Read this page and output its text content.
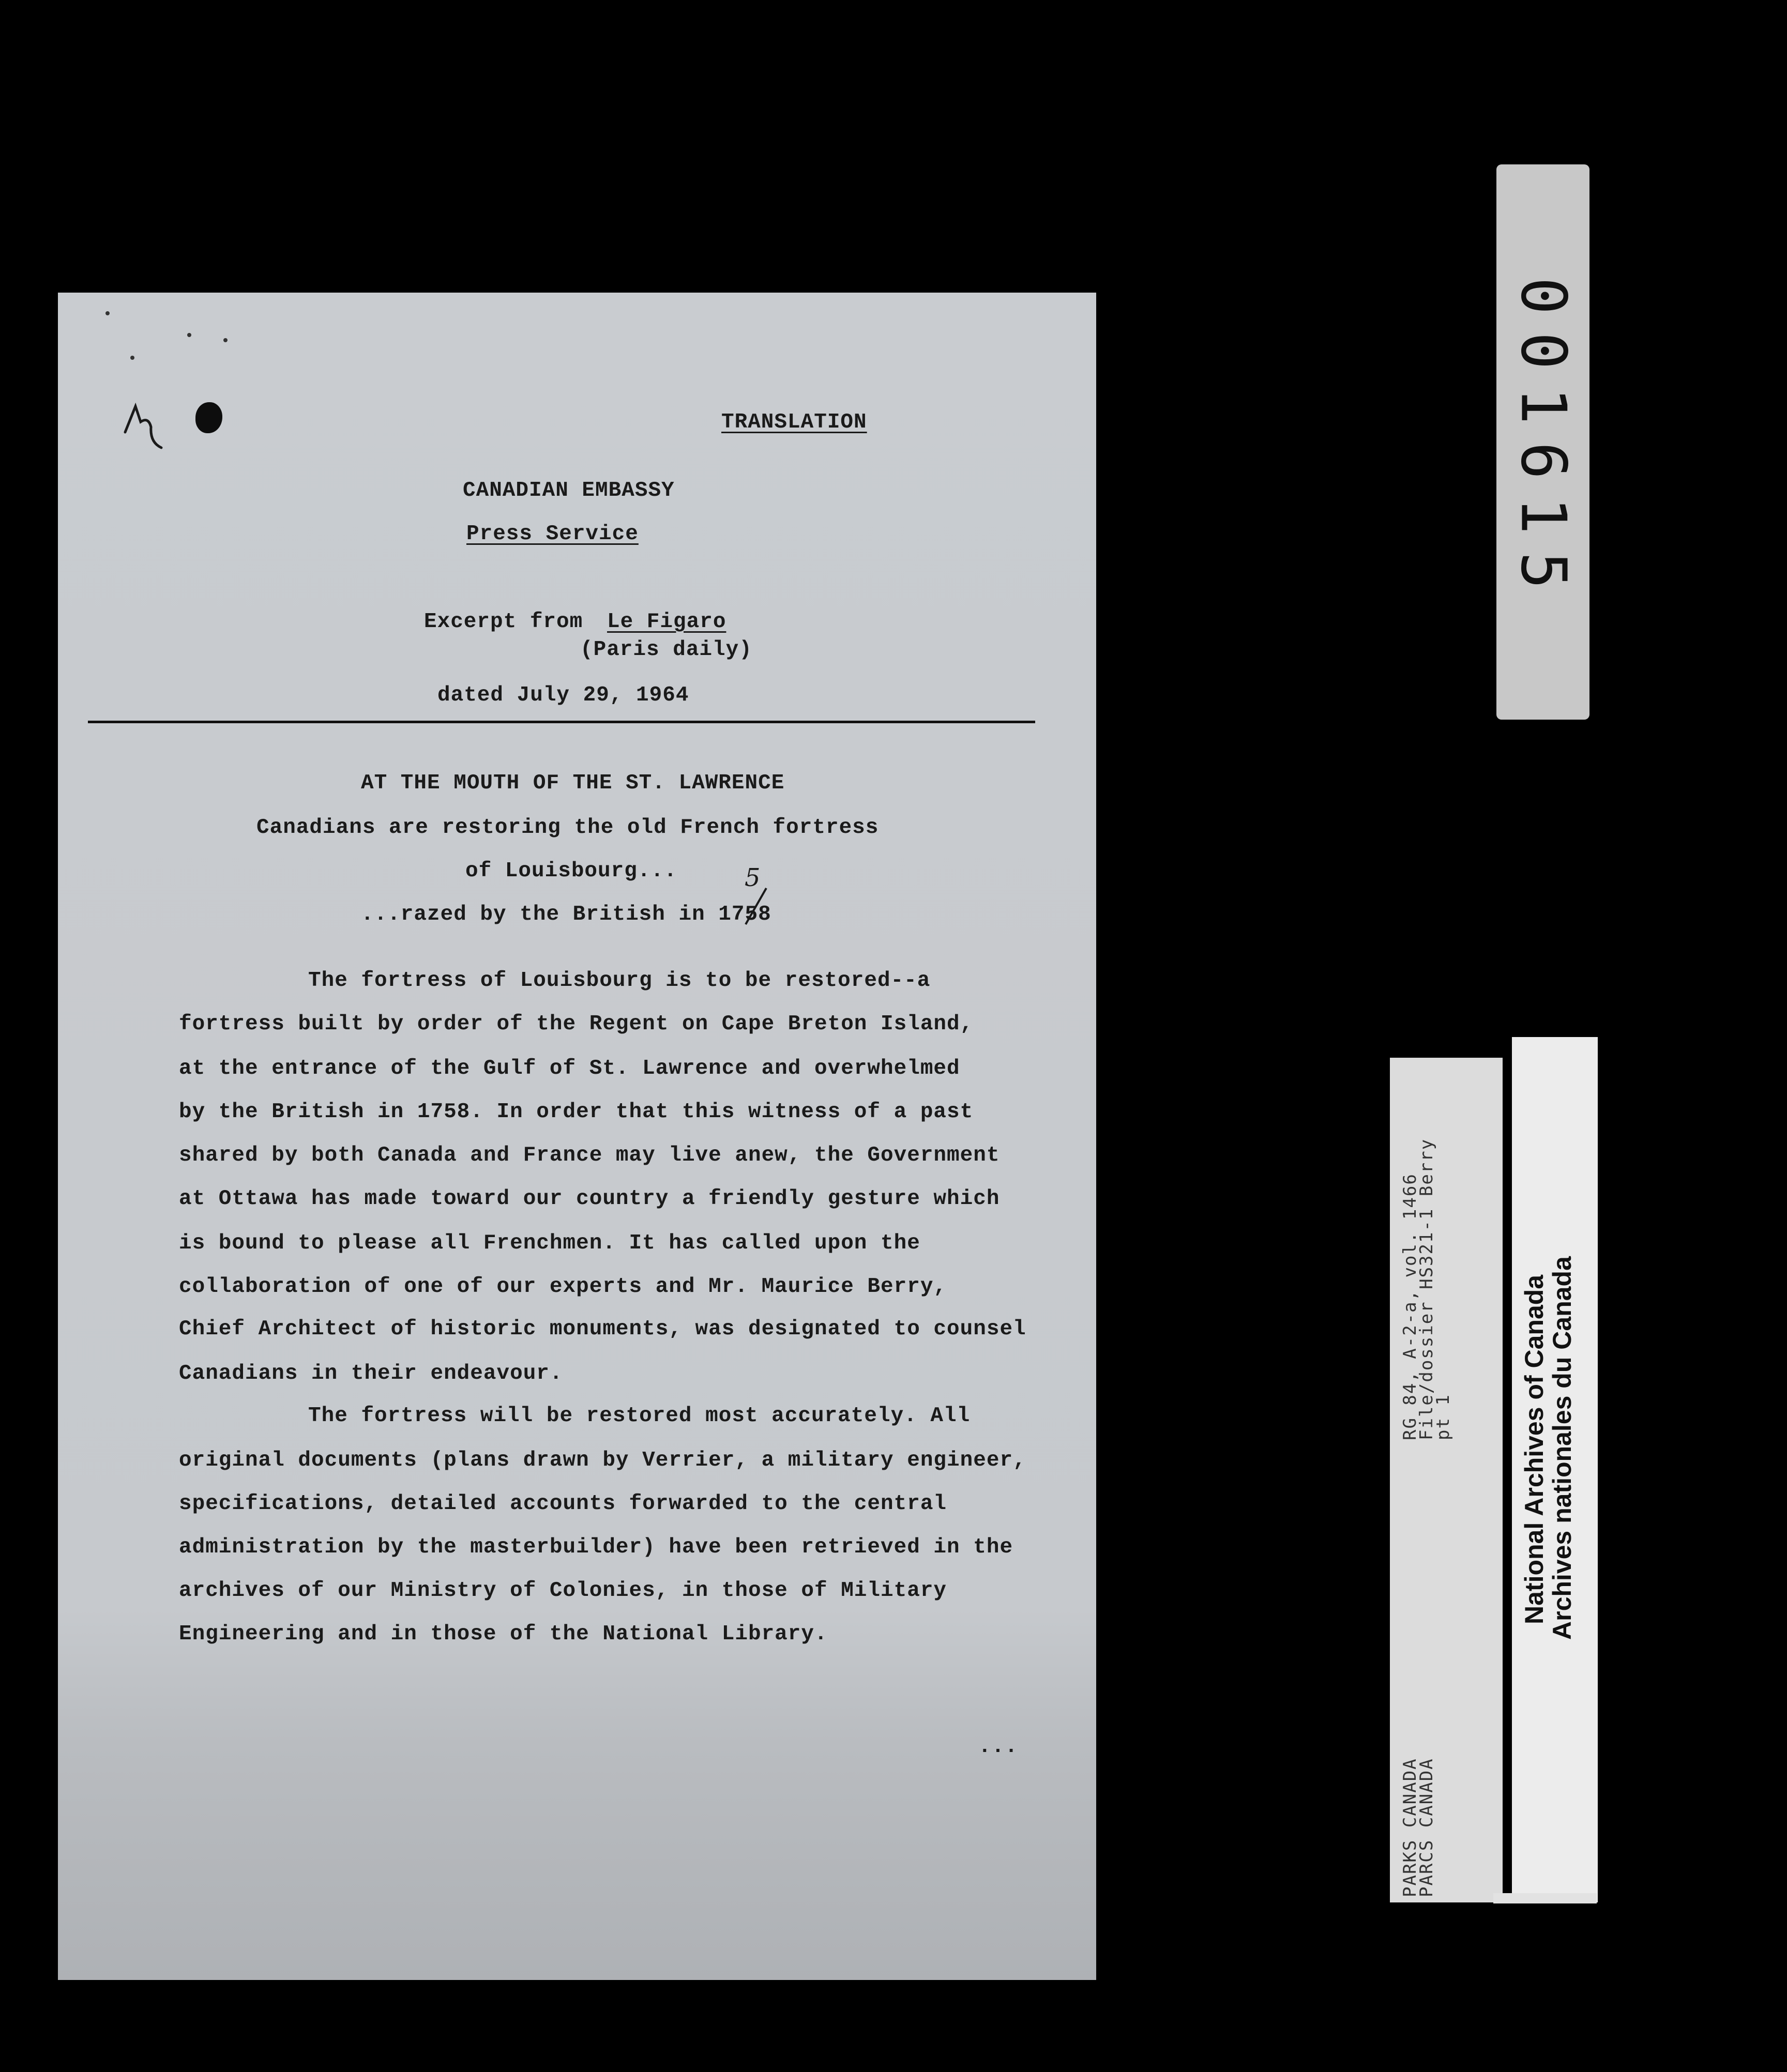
TRANSLATION
CANADIAN EMBASSY
Press Service
Excerpt from Le Figaro
(Paris daily)
dated July 29, 1964
AT THE MOUTH OF THE ST. LAWRENCE
Canadians are restoring the old French fortress
of Louisbourg...
...razed by the British in 1758
5
The fortress of Louisbourg is to be restored--a
fortress built by order of the Regent on Cape Breton Island,
at the entrance of the Gulf of St. Lawrence and overwhelmed
by the British in 1758. In order that this witness of a past
shared by both Canada and France may live anew, the Government
at Ottawa has made toward our country a friendly gesture which
is bound to please all Frenchmen. It has called upon the
collaboration of one of our experts and Mr. Maurice Berry,
Chief Architect of historic monuments, was designated to counsel
Canadians in their endeavour.
The fortress will be restored most accurately. All
original documents (plans drawn by Verrier, a military engineer,
specifications, detailed accounts forwarded to the central
administration by the masterbuilder) have been retrieved in the
archives of our Ministry of Colonies, in those of Military
Engineering and in those of the National Library.
...
001615
PARKS CANADA
PARCS CANADA
RG 84, A-2-a, vol. 1466
File/dossier HS321-1 Berry
pt 1	National Archives of Canada
Archives nationales du Canada
